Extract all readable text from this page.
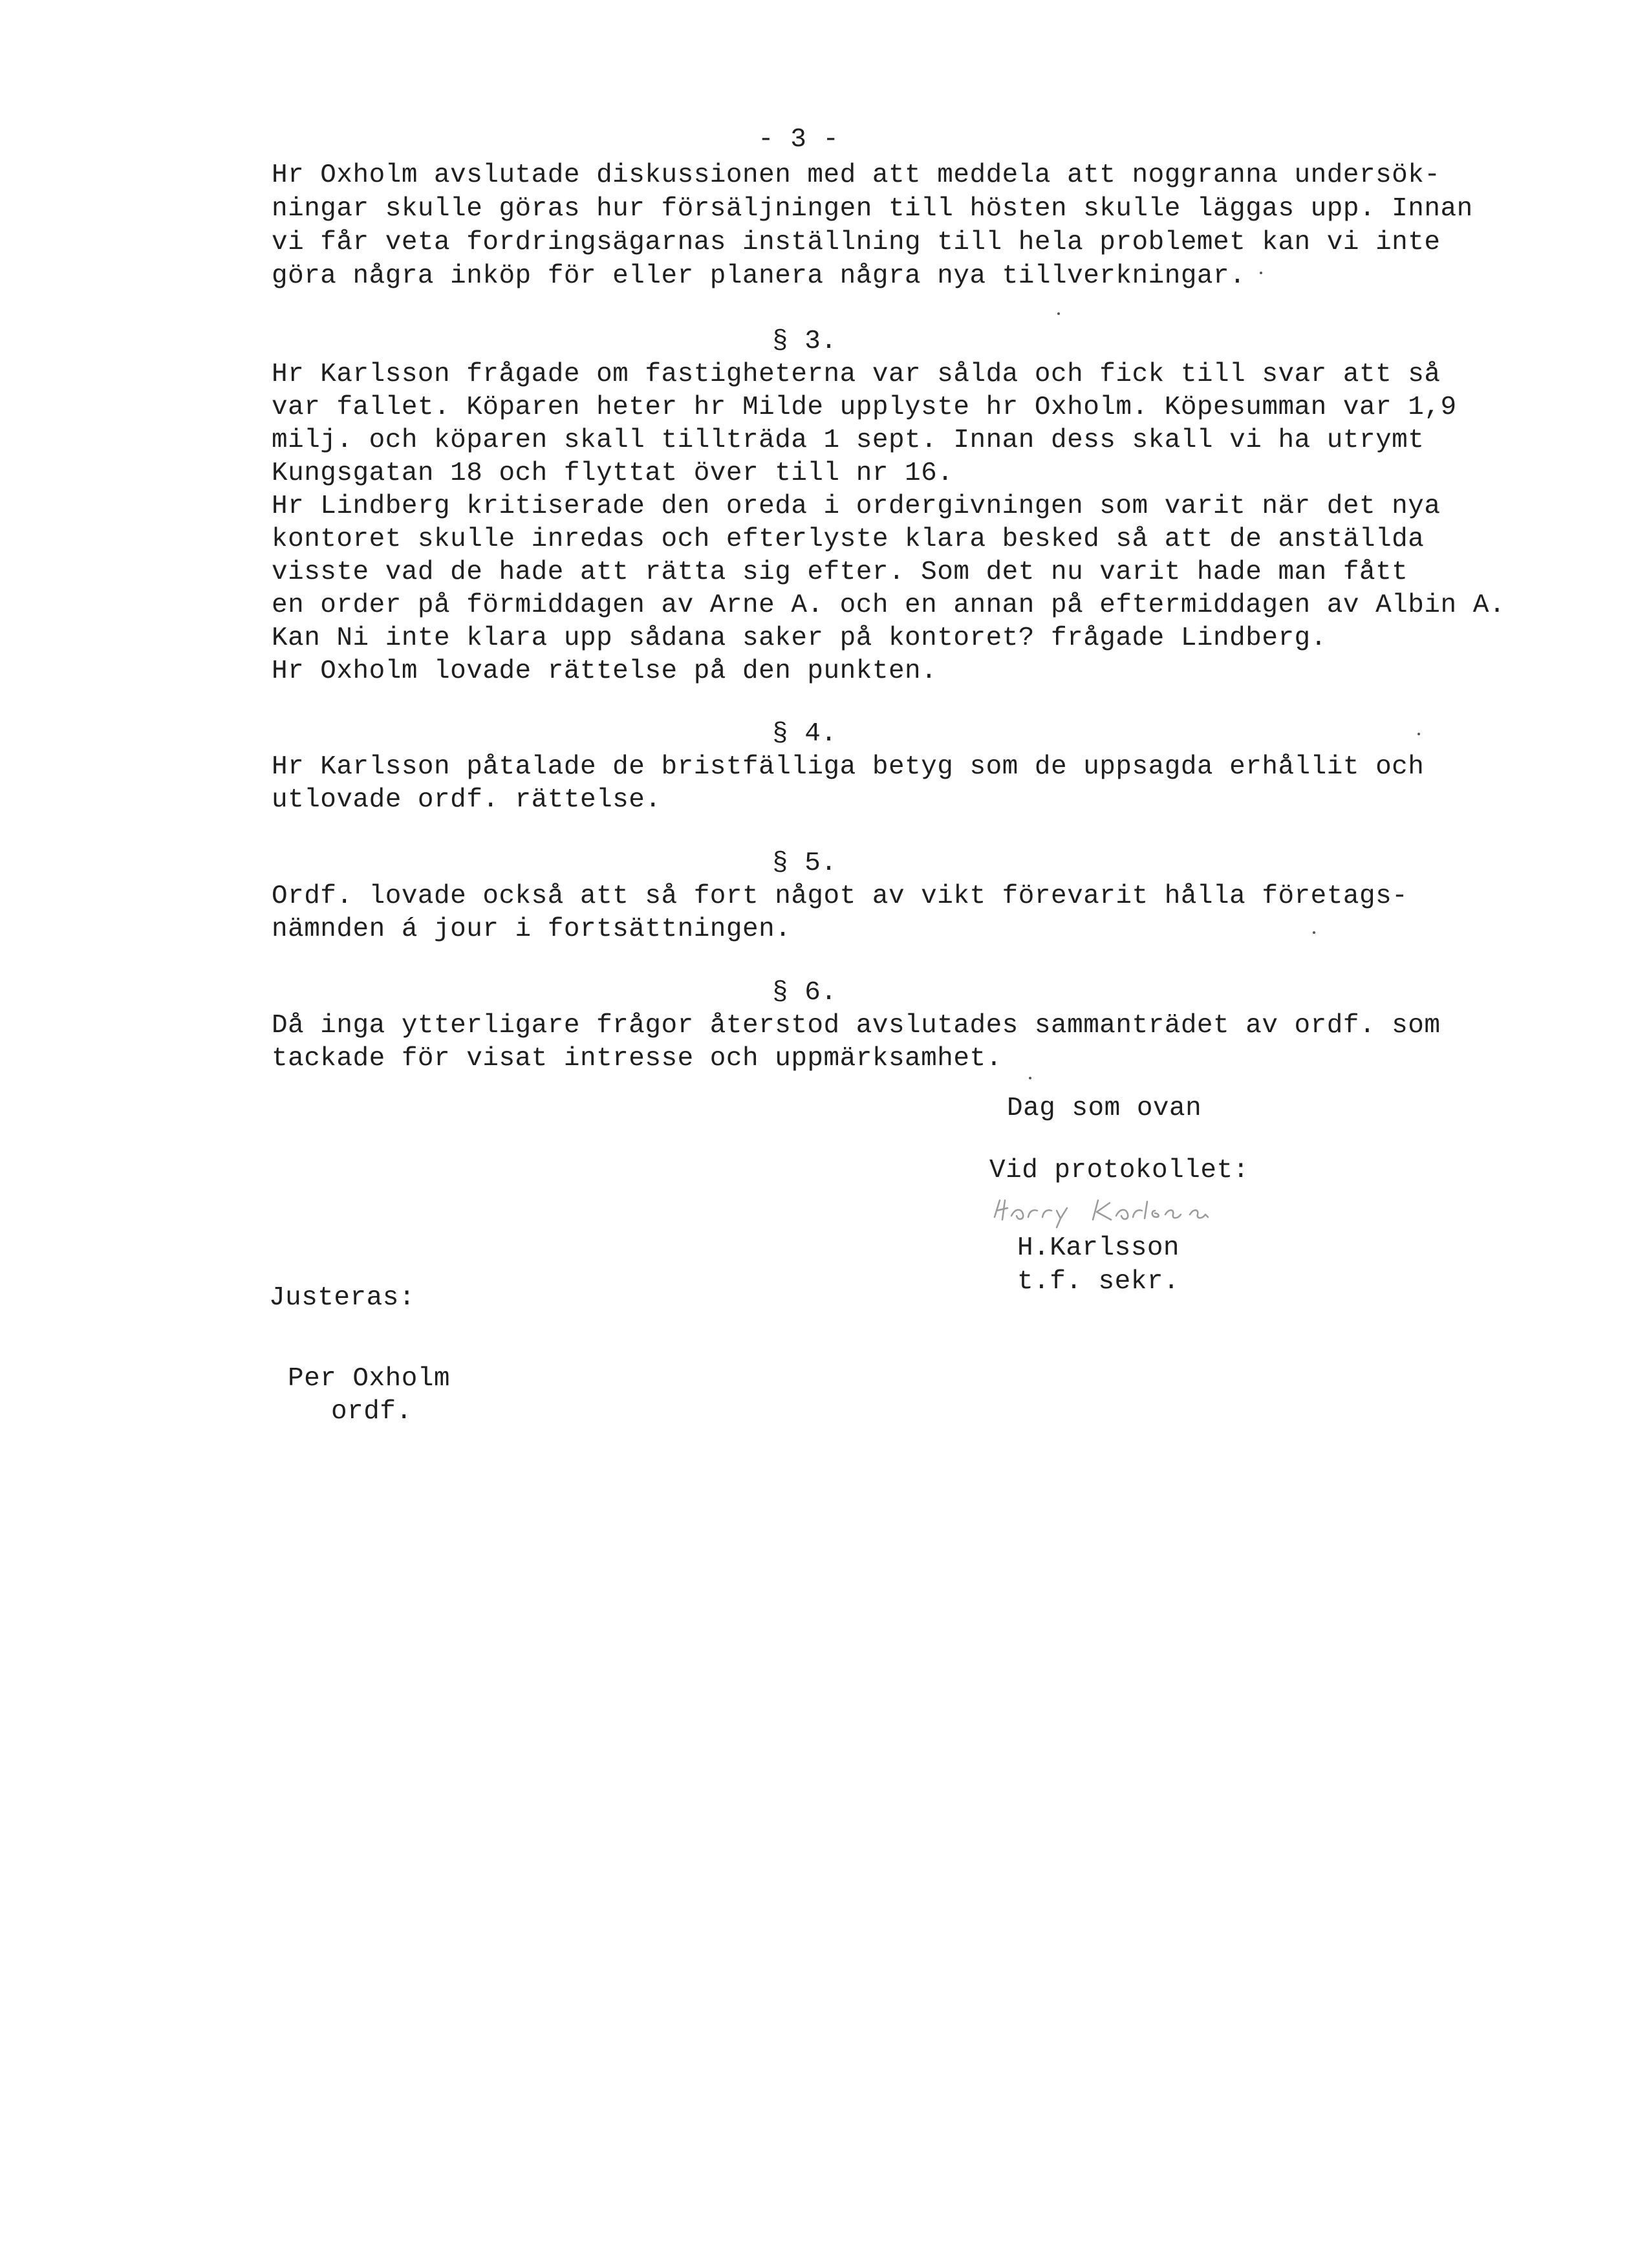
- 3 -
Hr Oxholm avslutade diskussionen med att meddela att noggranna undersök-
ningar skulle göras hur försäljningen till hösten skulle läggas upp. Innan
vi får veta fordringsägarnas inställning till hela problemet kan vi inte
göra några inköp för eller planera några nya tillverkningar.
§ 3.
Hr Karlsson frågade om fastigheterna var sålda och fick till svar att så
var fallet. Köparen heter hr Milde upplyste hr Oxholm. Köpesumman var 1,9
milj. och köparen skall tillträda 1 sept. Innan dess skall vi ha utrymt
Kungsgatan 18 och flyttat över till nr 16.
Hr Lindberg kritiserade den oreda i ordergivningen som varit när det nya
kontoret skulle inredas och efterlyste klara besked så att de anställda
visste vad de hade att rätta sig efter. Som det nu varit hade man fått
en order på förmiddagen av Arne A. och en annan på eftermiddagen av Albin A.
Kan Ni inte klara upp sådana saker på kontoret? frågade Lindberg.
Hr Oxholm lovade rättelse på den punkten.
§ 4.
Hr Karlsson påtalade de bristfälliga betyg som de uppsagda erhållit och
utlovade ordf. rättelse.
§ 5.
Ordf. lovade också att så fort något av vikt förevarit hålla företags-
nämnden á jour i fortsättningen.
§ 6.
Då inga ytterligare frågor återstod avslutades sammanträdet av ordf. som
tackade för visat intresse och uppmärksamhet.
Dag som ovan
Vid protokollet:
H.Karlsson
t.f. sekr.
Justeras:
Per Oxholm
ordf.
